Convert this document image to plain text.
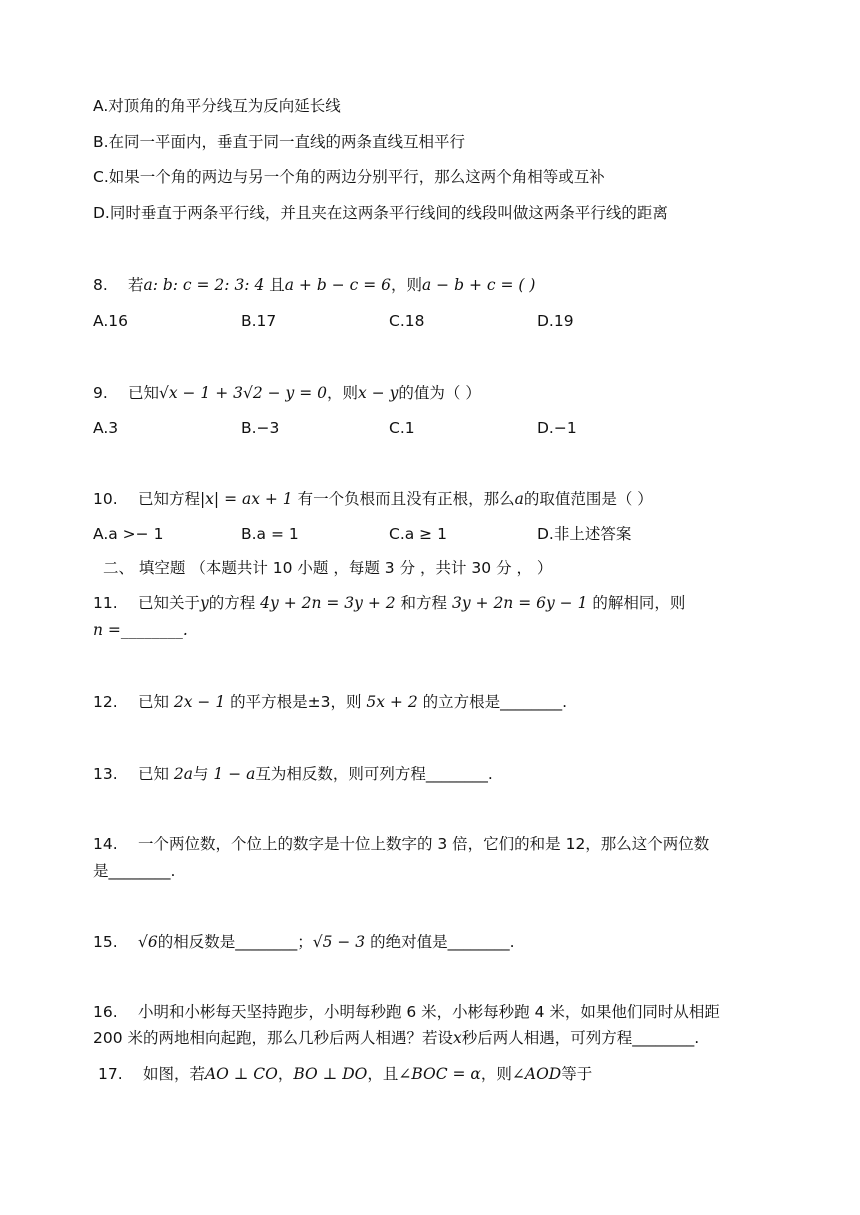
A.对顶角的角平分线互为反向延长线
B.在同一平面内，垂直于同一直线的两条直线互相平行
C.如果一个角的两边与另一个角的两边分别平行，那么这两个角相等或互补
D.同时垂直于两条平行线，并且夹在这两条平行线间的线段叫做这两条平行线的距离
8. 若a: b: c = 2: 3: 4 且a + b − c = 6，则a − b + c = ( )
A.16	B.17	C.18	D.19
9. 已知√x − 1 + 3√2 − y = 0，则x − y的值为（ ）
A.3	B.−3	C.1	D.−1
10. 已知方程|x| = ax + 1 有一个负根而且没有正根，那么a的取值范围是（ ）
A.a >− 1	B.a = 1	C.a ≥ 1	D.非上述答案
二、 填空题 （本题共计 10 小题 ，每题 3 分 ，共计 30 分 ， ）
11. 已知关于y的方程 4y + 2n = 3y + 2 和方程 3y + 2n = 6y − 1 的解相同，则
n =________.
12. 已知 2x − 1 的平方根是±3，则 5x + 2 的立方根是________.
13. 已知 2a与 1 − a互为相反数，则可列方程________.
14. 一个两位数，个位上的数字是十位上数字的 3 倍，它们的和是 12，那么这个两位数
是________.
15. √6的相反数是________；√5 − 3 的绝对值是________.
16. 小明和小彬每天坚持跑步，小明每秒跑 6 米，小彬每秒跑 4 米，如果他们同时从相距
200 米的两地相向起跑，那么几秒后两人相遇？若设x秒后两人相遇，可列方程________.
17. 如图，若AO ⊥ CO，BO ⊥ DO，且∠BOC = α，则∠AOD等于
